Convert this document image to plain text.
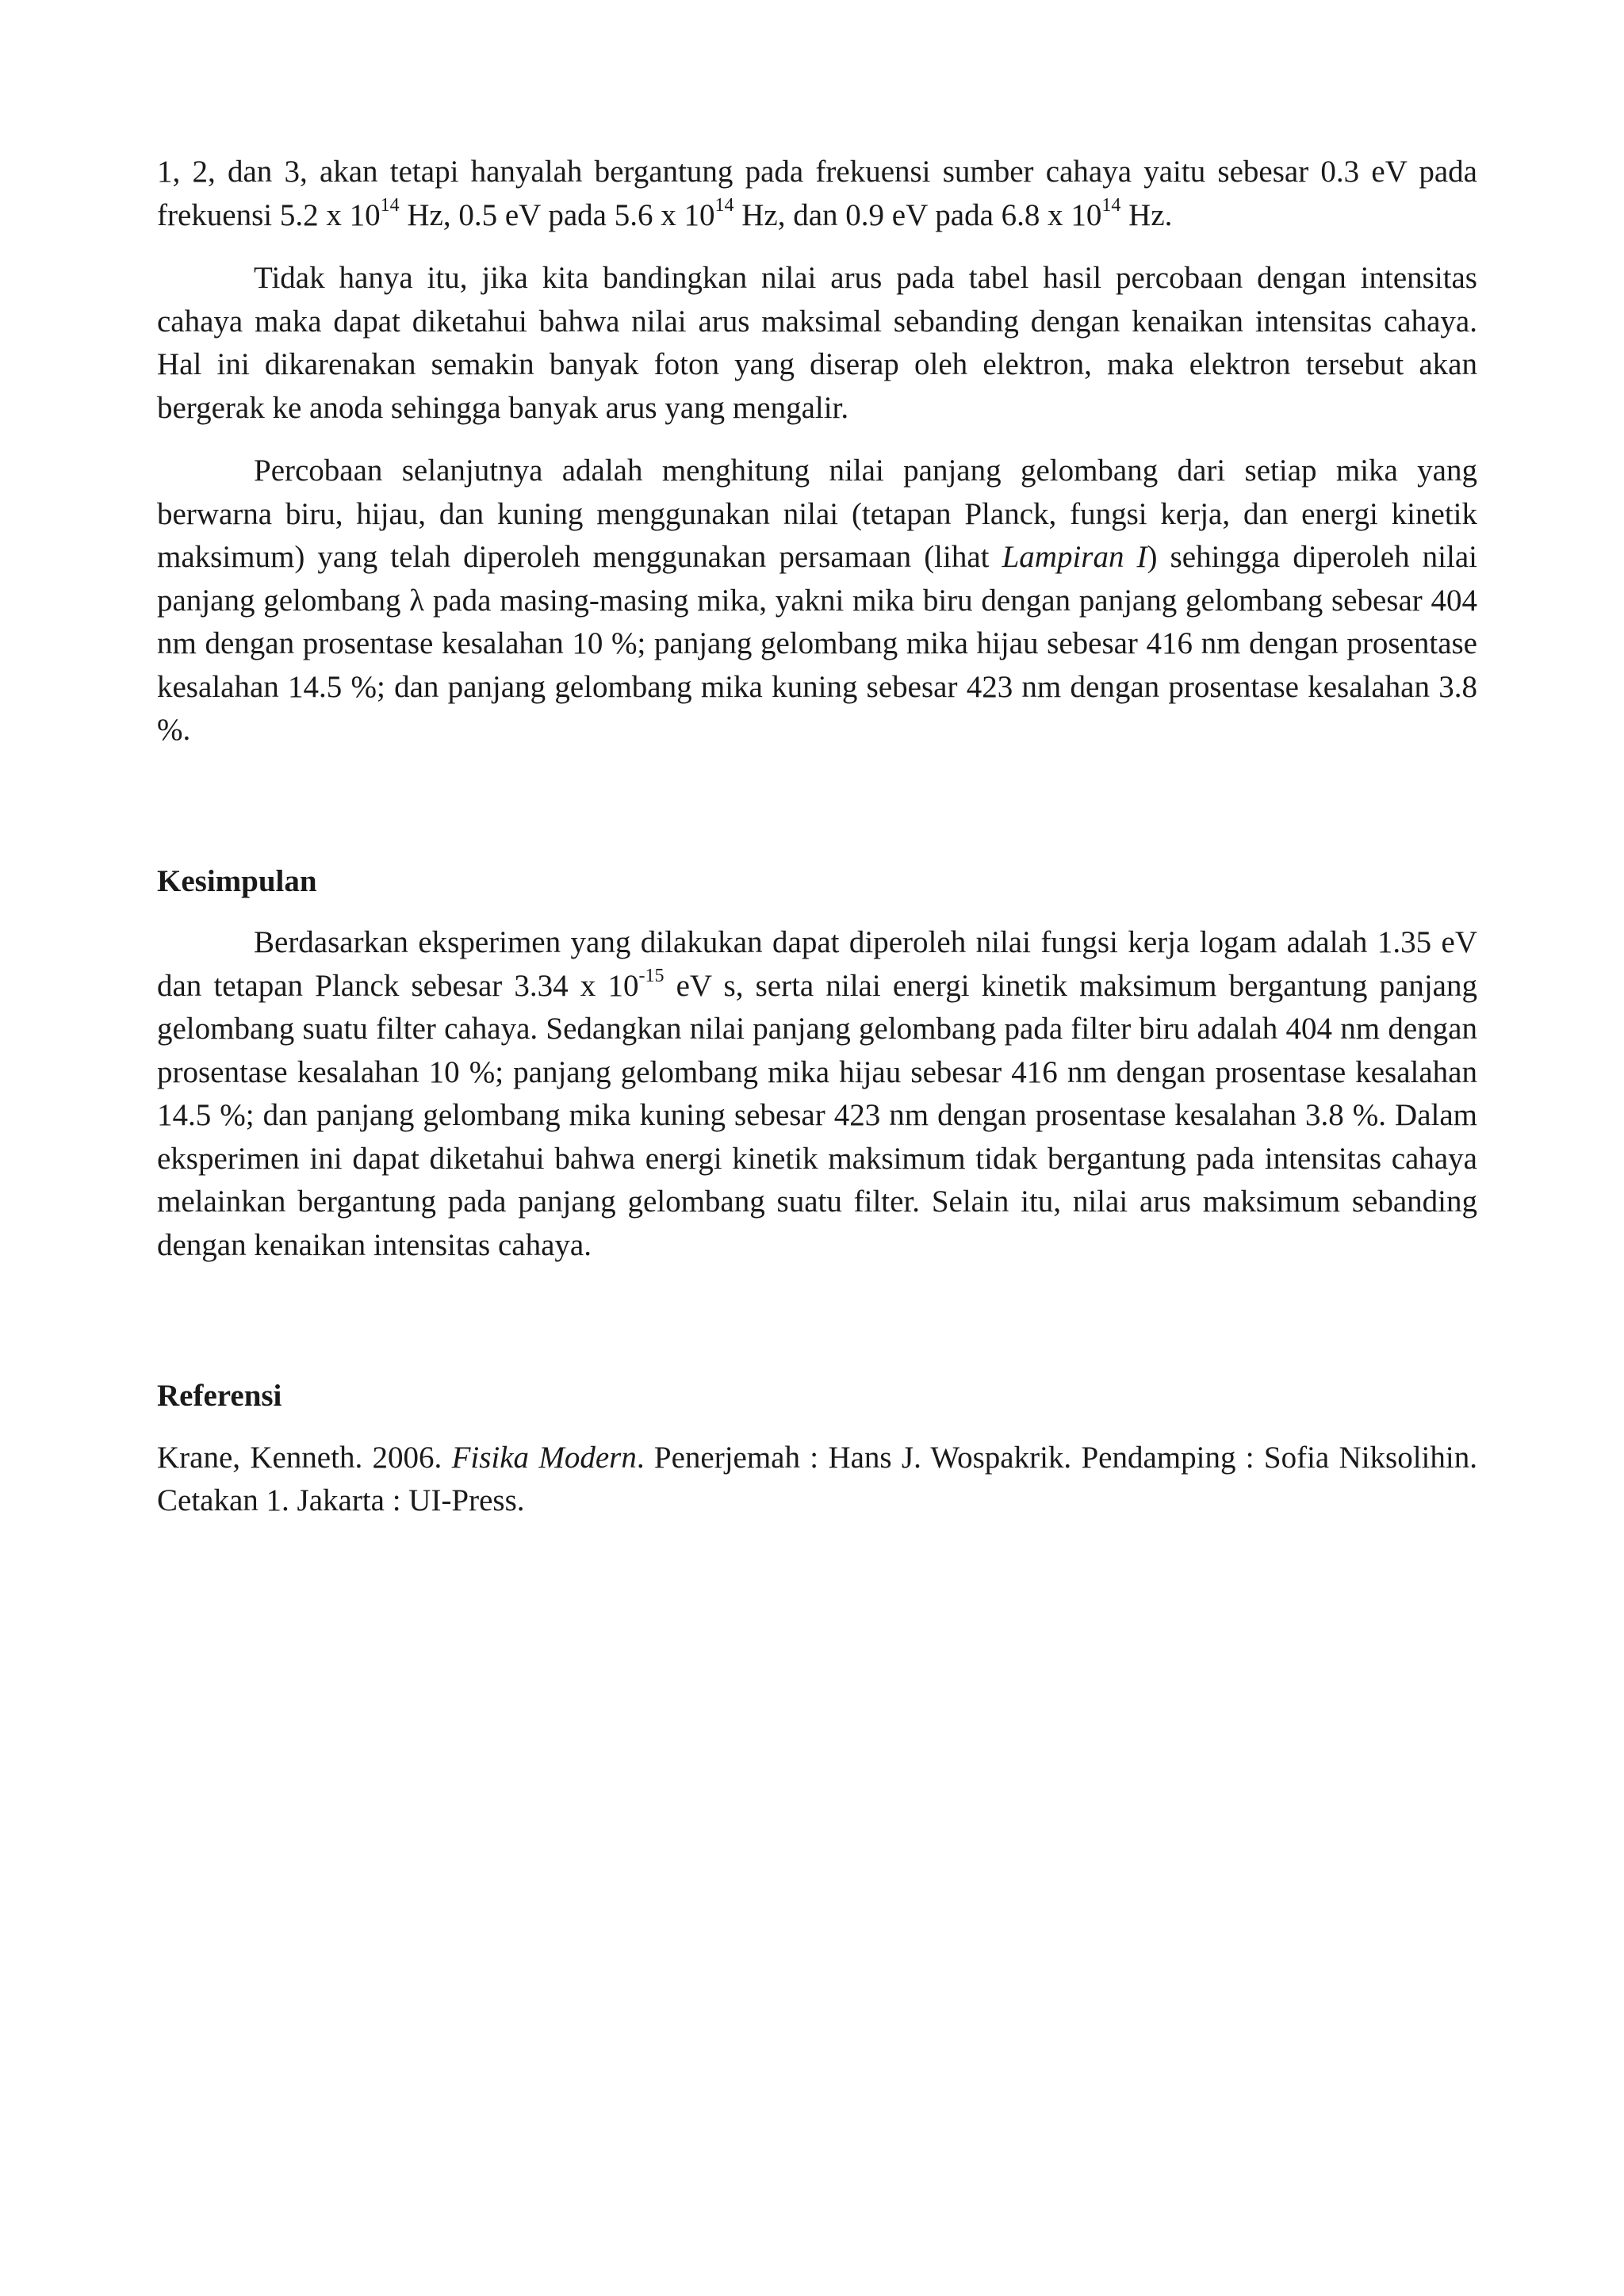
1, 2, dan 3, akan tetapi hanyalah bergantung pada frekuensi sumber cahaya yaitu sebesar 0.3 eV pada frekuensi 5.2 x $10^{14}$ Hz, 0.5 eV pada 5.6 x $10^{14}$ Hz, dan 0.9 eV pada 6.8 x $10^{14}$ Hz.

Tidak hanya itu, jika kita bandingkan nilai arus pada tabel hasil percobaan dengan intensitas cahaya maka dapat diketahui bahwa nilai arus maksimal sebanding dengan kenaikan intensitas cahaya. Hal ini dikarenakan semakin banyak foton yang diserap oleh elektron, maka elektron tersebut akan bergerak ke anoda sehingga banyak arus yang mengalir.

Percobaan selanjutnya adalah menghitung nilai panjang gelombang dari setiap mika yang berwarna biru, hijau, dan kuning menggunakan nilai (tetapan Planck, fungsi kerja, dan energi kinetik maksimum) yang telah diperoleh menggunakan persamaan (lihat Lampiran I) sehingga diperoleh nilai panjang gelombang λ pada masing-masing mika, yakni mika biru dengan panjang gelombang sebesar 404 nm dengan prosentase kesalahan 10 %; panjang gelombang mika hijau sebesar 416 nm dengan prosentase kesalahan 14.5 %; dan panjang gelombang mika kuning sebesar 423 nm dengan prosentase kesalahan 3.8 %.

Kesimpulan

Berdasarkan eksperimen yang dilakukan dapat diperoleh nilai fungsi kerja logam adalah 1.35 eV dan tetapan Planck sebesar 3.34 x $10^{-15}$ eV s, serta nilai energi kinetik maksimum bergantung panjang gelombang suatu filter cahaya. Sedangkan nilai panjang gelombang pada filter biru adalah 404 nm dengan prosentase kesalahan 10 %; panjang gelombang mika hijau sebesar 416 nm dengan prosentase kesalahan 14.5 %; dan panjang gelombang mika kuning sebesar 423 nm dengan prosentase kesalahan 3.8 %. Dalam eksperimen ini dapat diketahui bahwa energi kinetik maksimum tidak bergantung pada intensitas cahaya melainkan bergantung pada panjang gelombang suatu filter. Selain itu, nilai arus maksimum sebanding dengan kenaikan intensitas cahaya.

Referensi

Krane, Kenneth. 2006. Fisika Modern. Penerjemah : Hans J. Wospakrik. Pendamping : Sofia Niksolihin. Cetakan 1. Jakarta : UI-Press.
